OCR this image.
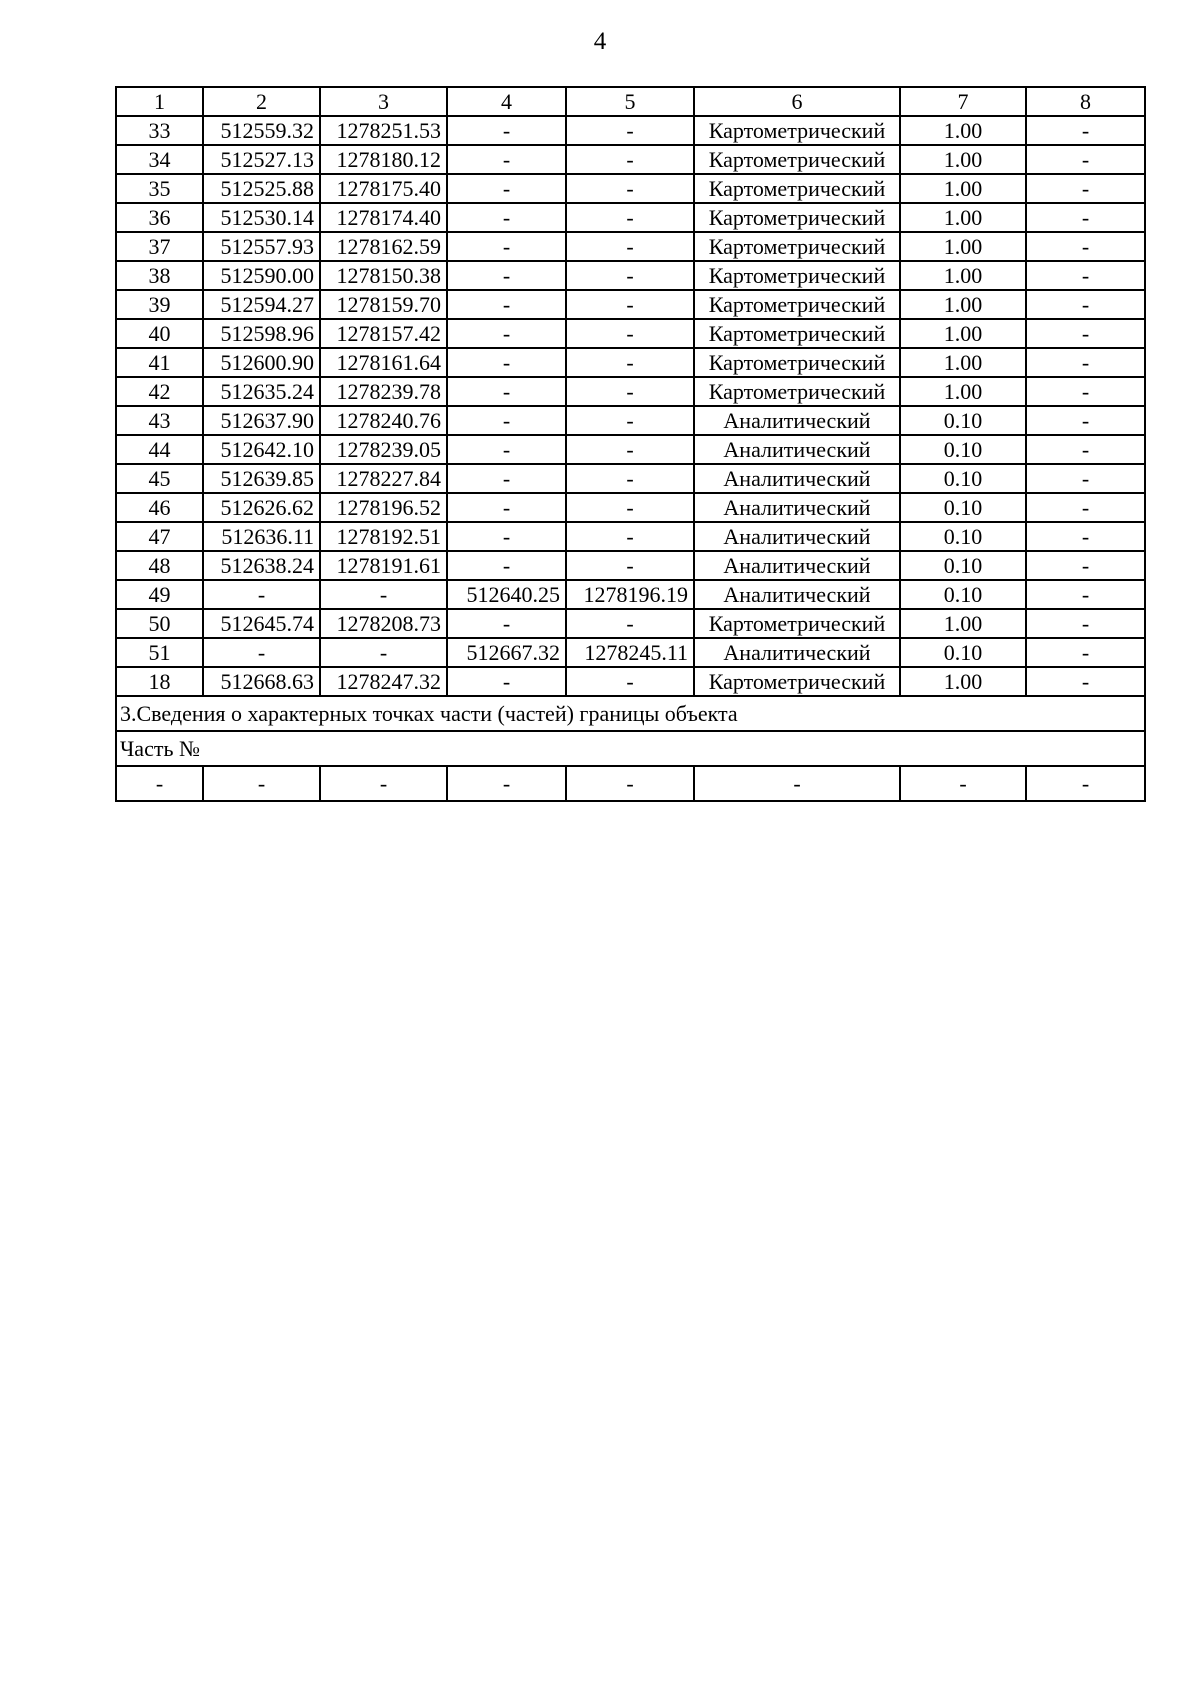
4
1	2	3	4	5	6	7	8
33	512559.32	1278251.53	-	-	Картометрический	1.00	-
34	512527.13	1278180.12	-	-	Картометрический	1.00	-
35	512525.88	1278175.40	-	-	Картометрический	1.00	-
36	512530.14	1278174.40	-	-	Картометрический	1.00	-
37	512557.93	1278162.59	-	-	Картометрический	1.00	-
38	512590.00	1278150.38	-	-	Картометрический	1.00	-
39	512594.27	1278159.70	-	-	Картометрический	1.00	-
40	512598.96	1278157.42	-	-	Картометрический	1.00	-
41	512600.90	1278161.64	-	-	Картометрический	1.00	-
42	512635.24	1278239.78	-	-	Картометрический	1.00	-
43	512637.90	1278240.76	-	-	Аналитический	0.10	-
44	512642.10	1278239.05	-	-	Аналитический	0.10	-
45	512639.85	1278227.84	-	-	Аналитический	0.10	-
46	512626.62	1278196.52	-	-	Аналитический	0.10	-
47	512636.11	1278192.51	-	-	Аналитический	0.10	-
48	512638.24	1278191.61	-	-	Аналитический	0.10	-
49	-	-	512640.25	1278196.19	Аналитический	0.10	-
50	512645.74	1278208.73	-	-	Картометрический	1.00	-
51	-	-	512667.32	1278245.11	Аналитический	0.10	-
18	512668.63	1278247.32	-	-	Картометрический	1.00	-
3.Сведения о характерных точках части (частей) границы объекта							
Часть №							
-	-	-	-	-	-	-	-
